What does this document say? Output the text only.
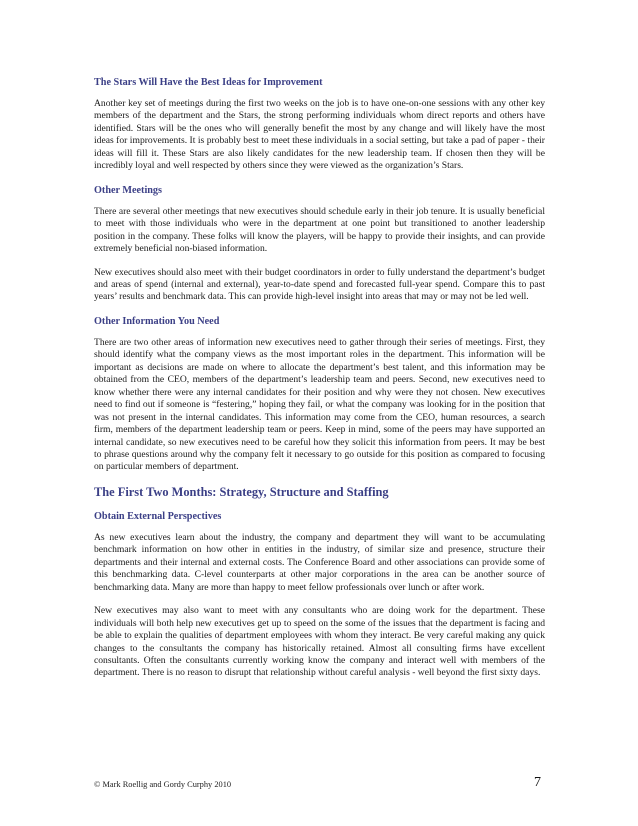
The Stars Will Have the Best Ideas for Improvement

Another key set of meetings during the first two weeks on the job is to have one-on-one sessions with any other key members of the department and the Stars, the strong performing individuals whom direct reports and others have identified. Stars will be the ones who will generally benefit the most by any change and will likely have the most ideas for improvements. It is probably best to meet these individuals in a social setting, but take a pad of paper - their ideas will fill it. These Stars are also likely candidates for the new leadership team. If chosen then they will be incredibly loyal and well respected by others since they were viewed as the organization’s Stars.

Other Meetings

There are several other meetings that new executives should schedule early in their job tenure. It is usually beneficial to meet with those individuals who were in the department at one point but transitioned to another leadership position in the company. These folks will know the players, will be happy to provide their insights, and can provide extremely beneficial non-biased information.

New executives should also meet with their budget coordinators in order to fully understand the department’s budget and areas of spend (internal and external), year-to-date spend and forecasted full-year spend. Compare this to past years’ results and benchmark data. This can provide high-level insight into areas that may or may not be led well.

Other Information You Need

There are two other areas of information new executives need to gather through their series of meetings. First, they should identify what the company views as the most important roles in the department. This information will be important as decisions are made on where to allocate the department’s best talent, and this information may be obtained from the CEO, members of the department’s leadership team and peers. Second, new executives need to know whether there were any internal candidates for their position and why were they not chosen. New executives need to find out if someone is “festering,” hoping they fail, or what the company was looking for in the position that was not present in the internal candidates. This information may come from the CEO, human resources, a search firm, members of the department leadership team or peers. Keep in mind, some of the peers may have supported an internal candidate, so new executives need to be careful how they solicit this information from peers. It may be best to phrase questions around why the company felt it necessary to go outside for this position as compared to focusing on particular members of department.

The First Two Months: Strategy, Structure and Staffing
Obtain External Perspectives

As new executives learn about the industry, the company and department they will want to be accumulating benchmark information on how other in entities in the industry, of similar size and presence, structure their departments and their internal and external costs. The Conference Board and other associations can provide some of this benchmarking data. C-level counterparts at other major corporations in the area can be another source of benchmarking data. Many are more than happy to meet fellow professionals over lunch or after work.

New executives may also want to meet with any consultants who are doing work for the department. These individuals will both help new executives get up to speed on the some of the issues that the department is facing and be able to explain the qualities of department employees with whom they interact. Be very careful making any quick changes to the consultants the company has historically retained. Almost all consulting firms have excellent consultants. Often the consultants currently working know the company and interact well with members of the department. There is no reason to disrupt that relationship without careful analysis - well beyond the first sixty days.

© Mark Roellig and Gordy Curphy 2010	7
